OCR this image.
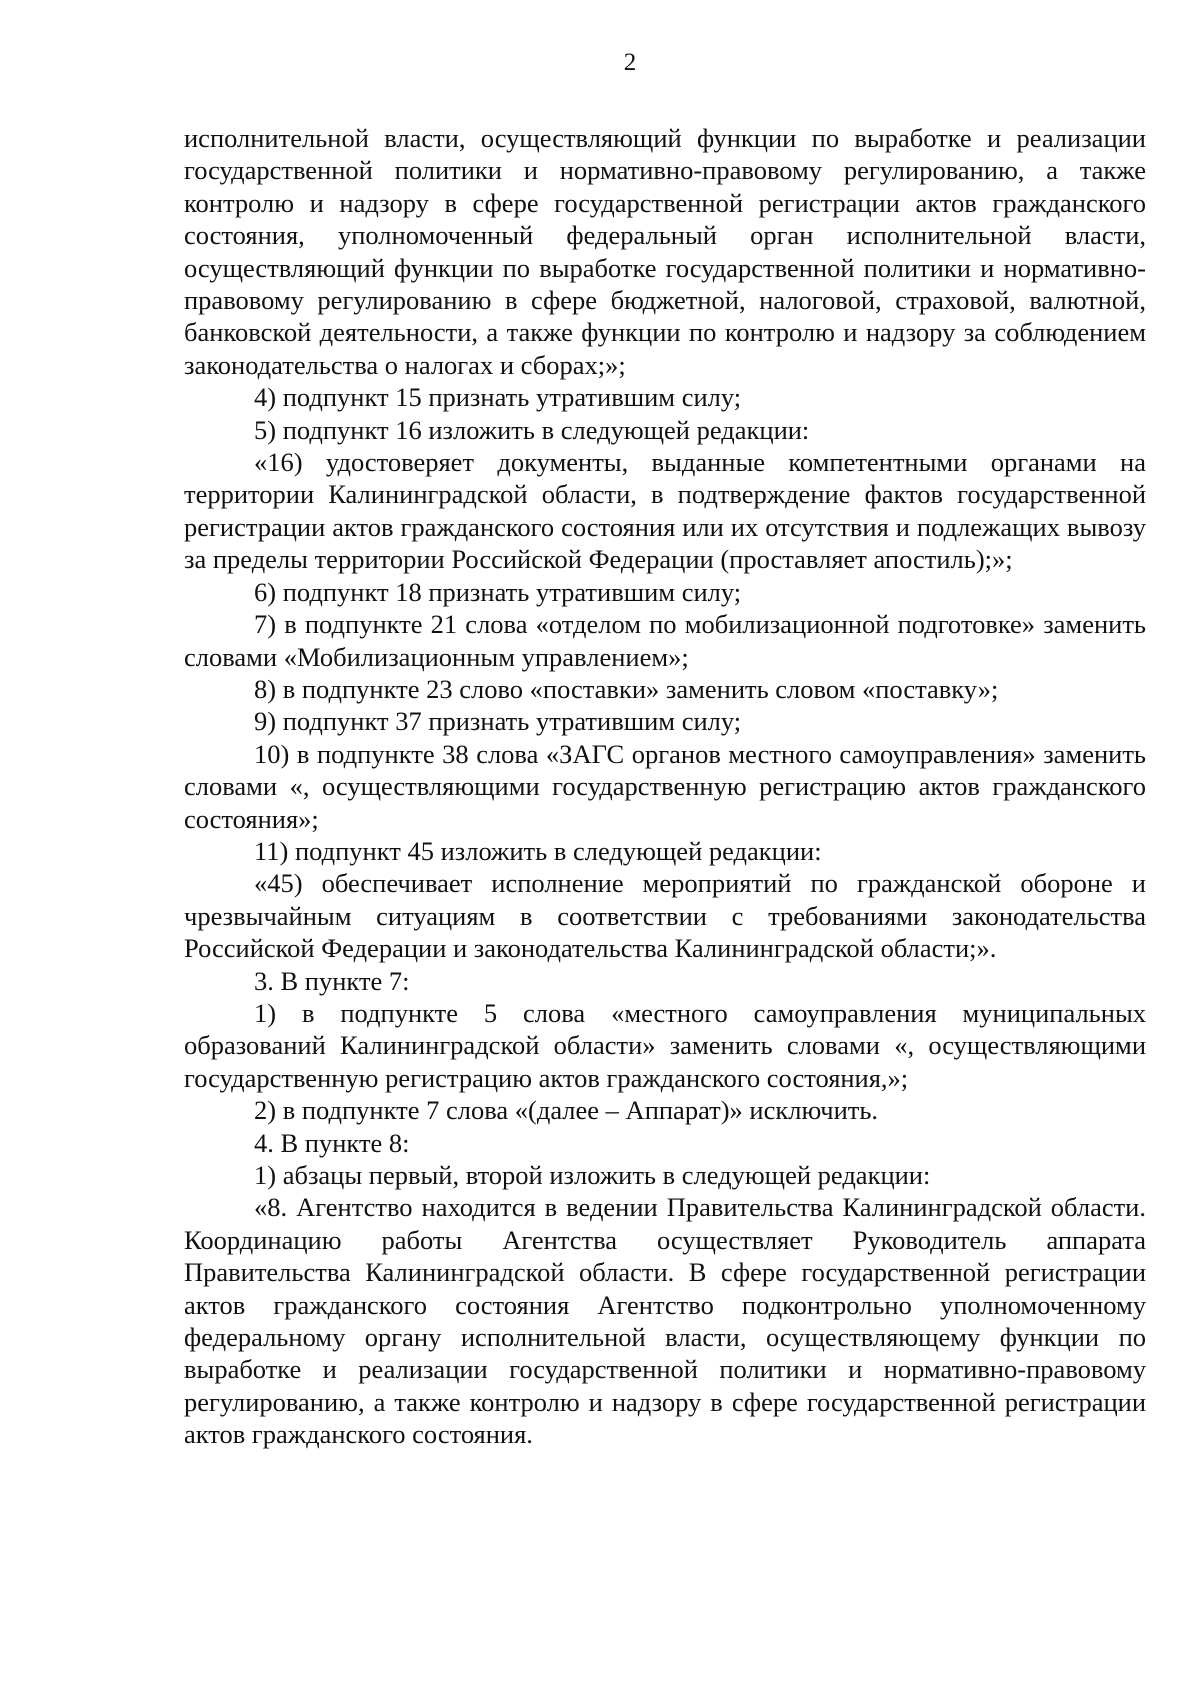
2

исполнительной власти, осуществляющий функции по выработке и реализации государственной политики и нормативно-правовому регулированию, а также контролю и надзору в сфере государственной регистрации актов гражданского состояния, уполномоченный федеральный орган исполнительной власти, осуществляющий функции по выработке государственной политики и нормативно-правовому регулированию в сфере бюджетной, налоговой, страховой, валютной, банковской деятельности, а также функции по контролю и надзору за соблюдением законодательства о налогах и сборах;»;

4) подпункт 15 признать утратившим силу;

5) подпункт 16 изложить в следующей редакции:

«16) удостоверяет документы, выданные компетентными органами на территории Калининградской области, в подтверждение фактов государственной регистрации актов гражданского состояния или их отсутствия и подлежащих вывозу за пределы территории Российской Федерации (проставляет апостиль);»;

6) подпункт 18 признать утратившим силу;

7) в подпункте 21 слова «отделом по мобилизационной подготовке» заменить словами «Мобилизационным управлением»;

8) в подпункте 23 слово «поставки» заменить словом «поставку»;

9) подпункт 37 признать утратившим силу;

10) в подпункте 38 слова «ЗАГС органов местного самоуправления» заменить словами «, осуществляющими государственную регистрацию актов гражданского состояния»;

11) подпункт 45 изложить в следующей редакции:

«45) обеспечивает исполнение мероприятий по гражданской обороне и чрезвычайным ситуациям в соответствии с требованиями законодательства Российской Федерации и законодательства Калининградской области;».

3. В пункте 7:

1) в подпункте 5 слова «местного самоуправления муниципальных образований Калининградской области» заменить словами «, осуществляющими государственную регистрацию актов гражданского состояния,»;

2) в подпункте 7 слова «(далее – Аппарат)» исключить.

4. В пункте 8:

1) абзацы первый, второй изложить в следующей редакции:

«8. Агентство находится в ведении Правительства Калининградской области. Координацию работы Агентства осуществляет Руководитель аппарата Правительства Калининградской области. В сфере государственной регистрации актов гражданского состояния Агентство подконтрольно уполномоченному федеральному органу исполнительной власти, осуществляющему функции по выработке и реализации государственной политики и нормативно-правовому регулированию, а также контролю и надзору в сфере государственной регистрации актов гражданского состояния.
